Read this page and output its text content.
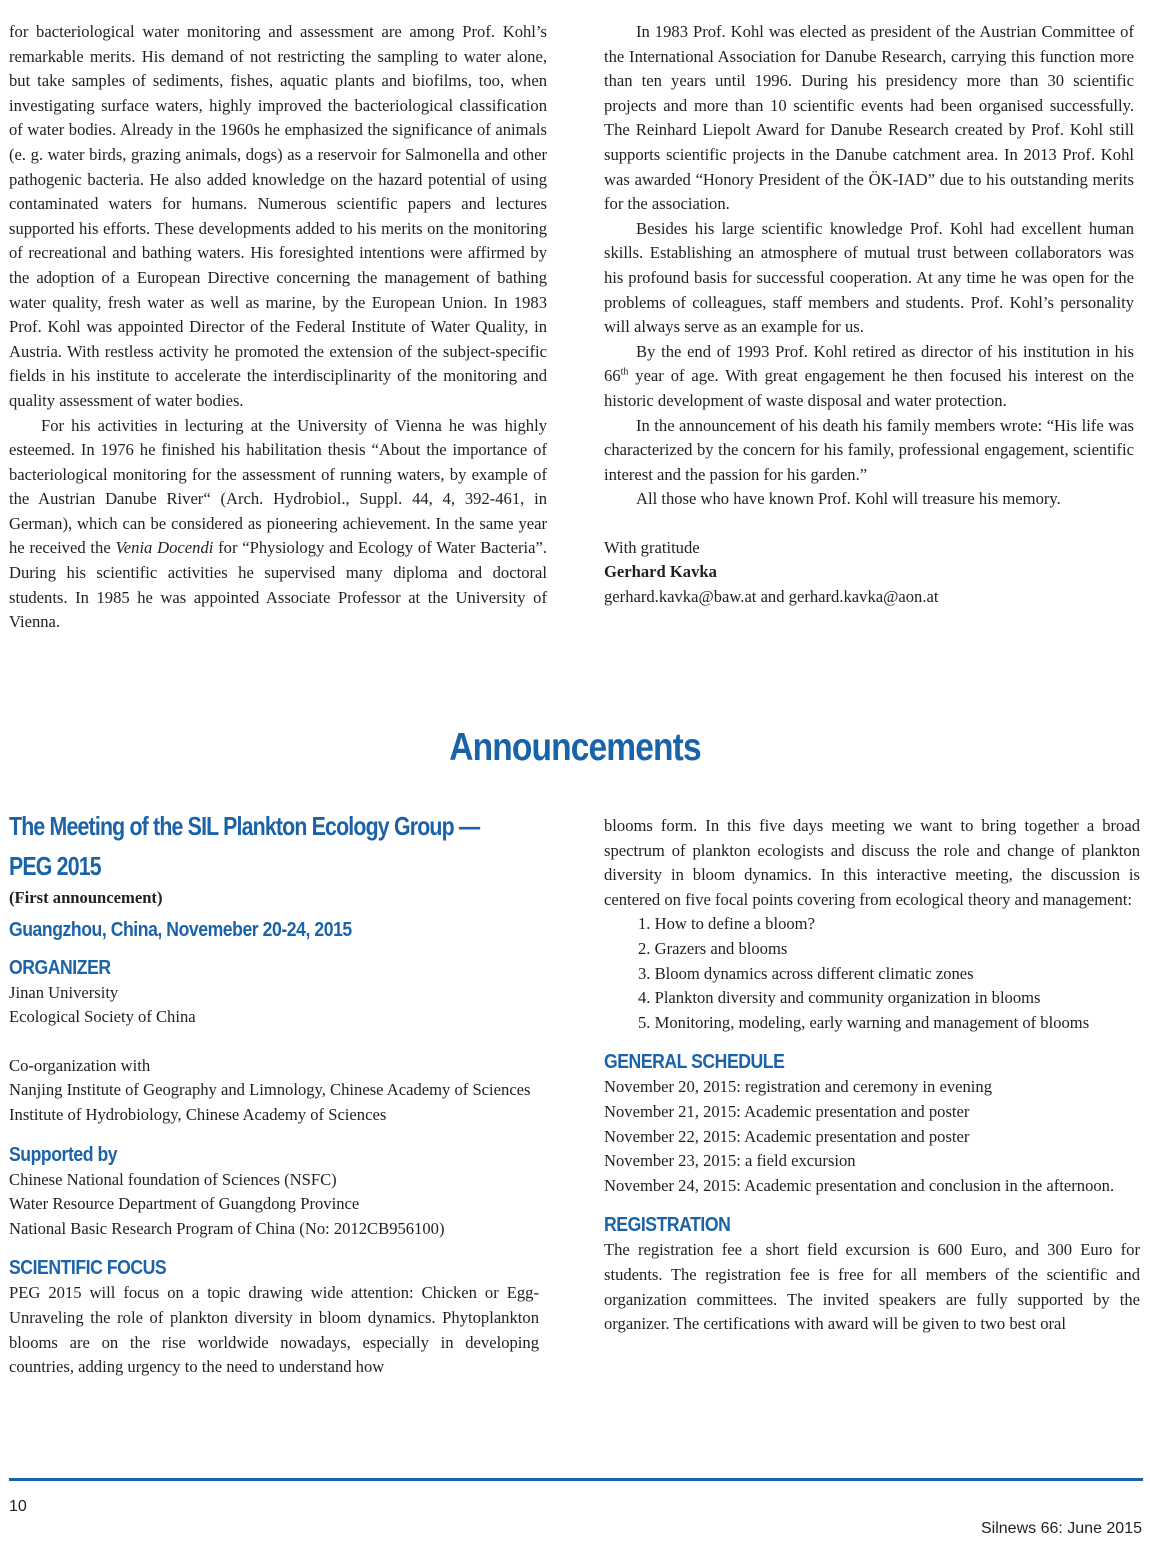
for bacteriological water monitoring and assessment are among Prof. Kohl’s remarkable merits. His demand of not restricting the sampling to water alone, but take samples of sediments, fishes, aquatic plants and biofilms, too, when investigating surface waters, highly improved the bacteriological classification of water bodies. Already in the 1960s he emphasized the significance of animals (e. g. water birds, grazing animals, dogs) as a reservoir for Salmonella and other pathogenic bacteria. He also added knowledge on the hazard potential of using contaminated waters for humans. Numerous scientific papers and lectures supported his efforts. These developments added to his merits on the monitoring of recreational and bathing waters. His foresighted intentions were affirmed by the adoption of a European Directive concerning the management of bathing water quality, fresh water as well as marine, by the European Union. In 1983 Prof. Kohl was appointed Director of the Federal Institute of Water Quality, in Austria. With restless activity he promoted the extension of the subject-specific fields in his institute to accelerate the interdisciplinarity of the monitoring and quality assessment of water bodies.

For his activities in lecturing at the University of Vienna he was highly esteemed. In 1976 he finished his habilitation thesis “About the importance of bacteriological monitoring for the assessment of running waters, by example of the Austrian Danube River“ (Arch. Hydrobiol., Suppl. 44, 4, 392-461, in German), which can be considered as pioneering achievement. In the same year he received the Venia Docendi for “Physiology and Ecology of Water Bacteria”. During his scientific activities he supervised many diploma and doctoral students. In 1985 he was appointed Associate Professor at the University of Vienna.

In 1983 Prof. Kohl was elected as president of the Austrian Committee of the International Association for Danube Research, carrying this function more than ten years until 1996. During his presidency more than 30 scientific projects and more than 10 scientific events had been organised successfully. The Reinhard Liepolt Award for Danube Research created by Prof. Kohl still supports scientific projects in the Danube catchment area. In 2013 Prof. Kohl was awarded “Honory President of the ÖK-IAD” due to his outstanding merits for the association.

Besides his large scientific knowledge Prof. Kohl had excellent human skills. Establishing an atmosphere of mutual trust between collaborators was his profound basis for successful cooperation. At any time he was open for the problems of colleagues, staff members and students. Prof. Kohl’s personality will always serve as an example for us.

By the end of 1993 Prof. Kohl retired as director of his institution in his 66th year of age. With great engagement he then focused his interest on the historic development of waste disposal and water protection.

In the announcement of his death his family members wrote: “His life was characterized by the concern for his family, professional engagement, scientific interest and the passion for his garden.”

All those who have known Prof. Kohl will treasure his memory.

With gratitude

Gerhard Kavka

gerhard.kavka@baw.at and gerhard.kavka@aon.at

Announcements
The Meeting of the SIL Plankton Ecology Group —
PEG 2015

(First announcement)

Guangzhou, China, Novemeber 20-24, 2015
ORGANIZER

Jinan University

Ecological Society of China

Co-organization with

Nanjing Institute of Geography and Limnology, Chinese Academy of Sciences

Institute of Hydrobiology, Chinese Academy of Sciences

Supported by

Chinese National foundation of Sciences (NSFC)

Water Resource Department of Guangdong Province

National Basic Research Program of China (No: 2012CB956100)

SCIENTIFIC FOCUS

PEG 2015 will focus on a topic drawing wide attention: Chicken or Egg- Unraveling the role of plankton diversity in bloom dynamics. Phytoplankton blooms are on the rise worldwide nowadays, especially in developing countries, adding urgency to the need to understand how

blooms form. In this five days meeting we want to bring together a broad spectrum of plankton ecologists and discuss the role and change of plankton diversity in bloom dynamics. In this interactive meeting, the discussion is centered on five focal points covering from ecological theory and management:

1. How to define a bloom?
2. Grazers and blooms
3. Bloom dynamics across different climatic zones
4. Plankton diversity and community organization in blooms
5. Monitoring, modeling, early warning and management of blooms
GENERAL SCHEDULE

November 20, 2015: registration and ceremony in evening

November 21, 2015: Academic presentation and poster

November 22, 2015: Academic presentation and poster

November 23, 2015: a field excursion

November 24, 2015: Academic presentation and conclusion in the afternoon.

REGISTRATION

The registration fee a short field excursion is 600 Euro, and 300 Euro for students. The registration fee is free for all members of the scientific and organization committees. The invited speakers are fully supported by the organizer. The certifications with award will be given to two best oral

10
Silnews 66: June 2015
